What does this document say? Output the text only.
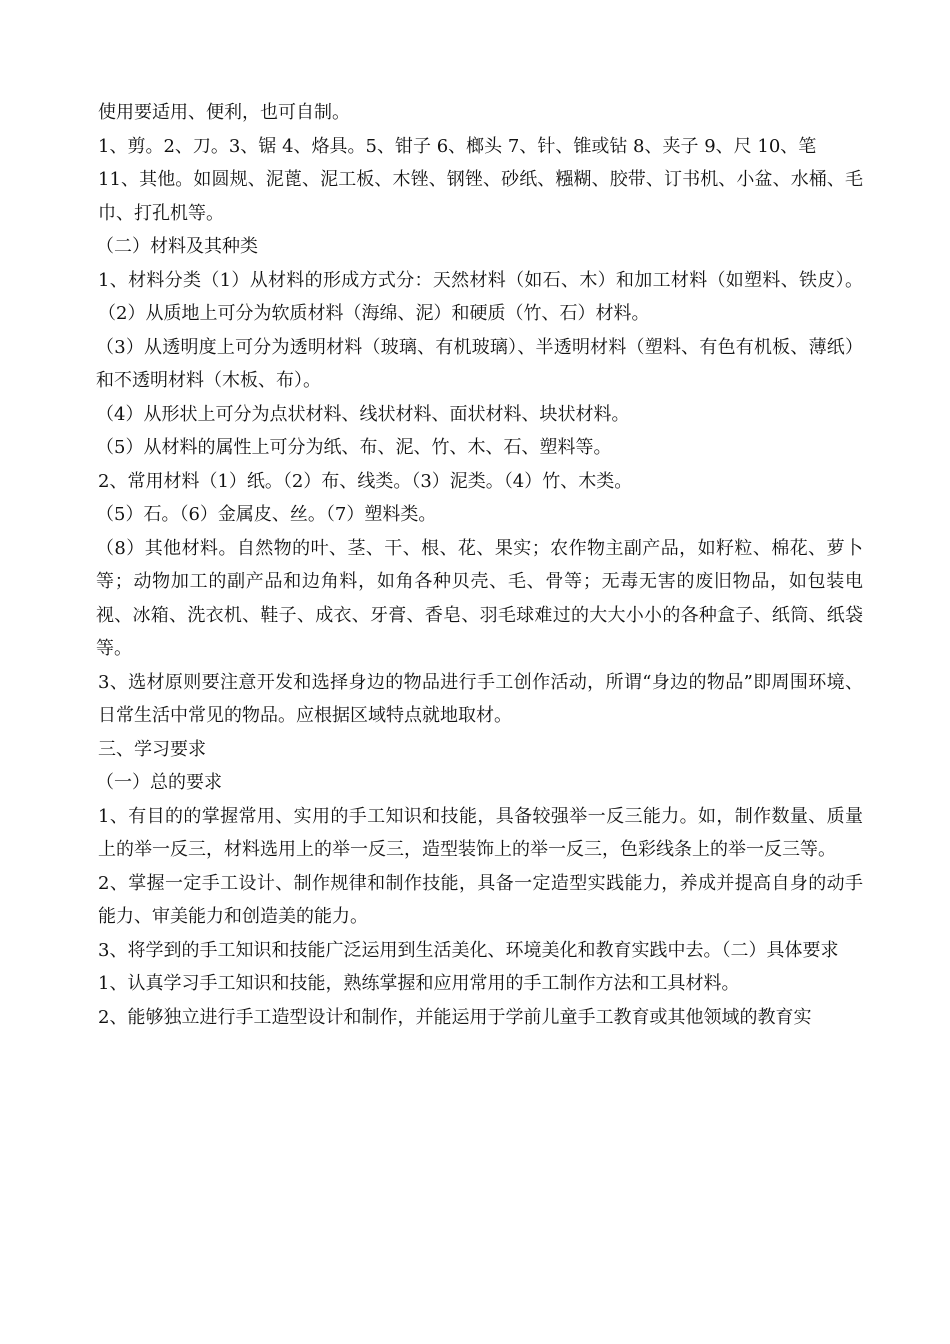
使用要适用、便利，也可自制。

1、剪。2、刀。3、锯 4、烙具。5、钳子 6、榔头 7、针、锥或钻 8、夹子 9、尺 10、笔

11、其他。如圆规、泥蓖、泥工板、木锉、钢锉、砂纸、糨糊、胶带、订书机、小盆、水桶、毛巾、打孔机等。

（二）材料及其种类

1、材料分类（1）从材料的形成方式分：天然材料（如石、木）和加工材料（如塑料、铁皮）。（2）从质地上可分为软质材料（海绵、泥）和硬质（竹、石）材料。

（3）从透明度上可分为透明材料（玻璃、有机玻璃）、半透明材料（塑料、有色有机板、薄纸）和不透明材料（木板、布）。

（4）从形状上可分为点状材料、线状材料、面状材料、块状材料。

（5）从材料的属性上可分为纸、布、泥、竹、木、石、塑料等。

2、常用材料（1）纸。（2）布、线类。（3）泥类。（4）竹、木类。

（5）石。（6）金属皮、丝。（7）塑料类。

（8）其他材料。自然物的叶、茎、干、根、花、果实；农作物主副产品，如籽粒、棉花、萝卜等；动物加工的副产品和边角料，如角各种贝壳、毛、骨等；无毒无害的废旧物品，如包装电视、冰箱、洗衣机、鞋子、成衣、牙膏、香皂、羽毛球难过的大大小小的各种盒子、纸筒、纸袋等。

3、选材原则要注意开发和选择身边的物品进行手工创作活动，所谓“身边的物品”即周围环境、日常生活中常见的物品。应根据区域特点就地取材。

三、学习要求

（一）总的要求

1、有目的的掌握常用、实用的手工知识和技能，具备较强举一反三能力。如，制作数量、质量上的举一反三，材料选用上的举一反三，造型装饰上的举一反三，色彩线条上的举一反三等。

2、掌握一定手工设计、制作规律和制作技能，具备一定造型实践能力，养成并提高自身的动手能力、审美能力和创造美的能力。

3、将学到的手工知识和技能广泛运用到生活美化、环境美化和教育实践中去。（二）具体要求

1、认真学习手工知识和技能，熟练掌握和应用常用的手工制作方法和工具材料。

2、能够独立进行手工造型设计和制作，并能运用于学前儿童手工教育或其他领域的教育实
